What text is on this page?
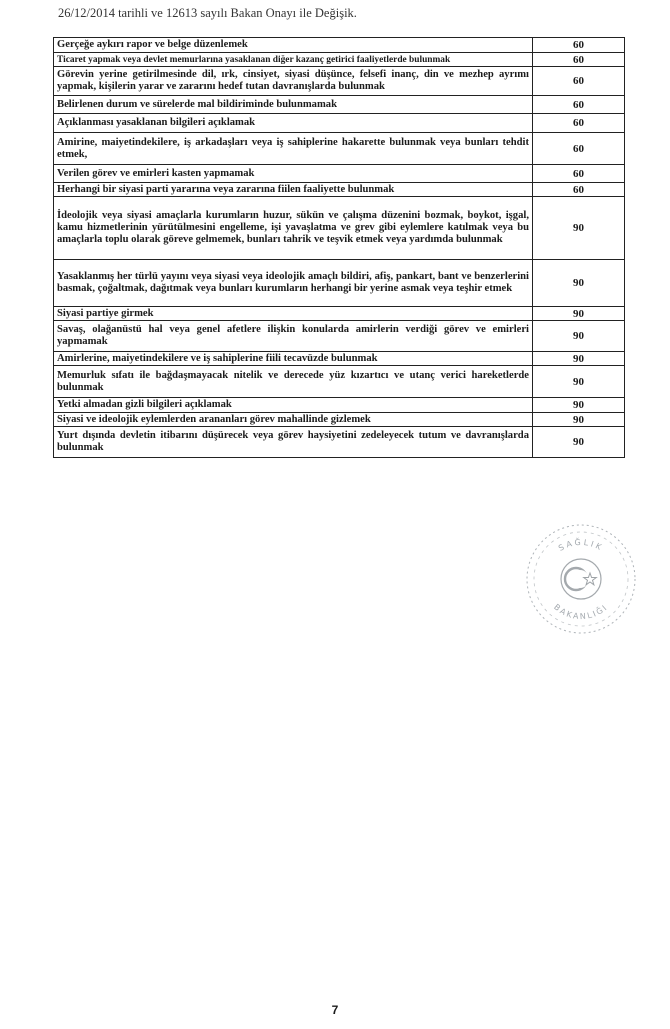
26/12/2014 tarihli ve 12613 sayılı Bakan Onayı ile Değişik.
Gerçeğe aykırı rapor ve belge düzenlemek	60
Ticaret yapmak veya devlet memurlarına yasaklanan diğer kazanç getirici faaliyetlerde bulunmak	60
Görevin yerine getirilmesinde dil, ırk, cinsiyet, siyasi düşünce, felsefi inanç, din ve mezhep ayrımı yapmak, kişilerin yarar ve zararını hedef tutan davranışlarda bulunmak	60
Belirlenen durum ve sürelerde mal bildiriminde bulunmamak	60
Açıklanması yasaklanan bilgileri açıklamak	60
Amirine, maiyetindekilere, iş arkadaşları veya iş sahiplerine hakarette bulunmak veya bunları tehdit etmek,	60
Verilen görev ve emirleri kasten yapmamak	60
Herhangi bir siyasi parti yararına veya zararına fiilen faaliyette bulunmak	60
İdeolojik veya siyasi amaçlarla kurumların huzur, sükün ve çalışma düzenini bozmak, boykot, işgal, kamu hizmetlerinin yürütülmesini engelleme, işi yavaşlatma ve grev gibi eylemlere katılmak veya bu amaçlarla toplu olarak göreve gelmemek, bunları tahrik ve teşvik etmek veya yardımda bulunmak	90
Yasaklanmış her türlü yayını veya siyasi veya ideolojik amaçlı bildiri, afiş, pankart, bant ve benzerlerini basmak, çoğaltmak, dağıtmak veya bunları kurumların herhangi bir yerine asmak veya teşhir etmek	90
Siyasi partiye girmek	90
Savaş, olağanüstü hal veya genel afetlere ilişkin konularda amirlerin verdiği görev ve emirleri yapmamak	90
Amirlerine, maiyetindekilere ve iş sahiplerine fiili tecavüzde bulunmak	90
Memurluk sıfatı ile bağdaşmayacak nitelik ve derecede yüz kızartıcı ve utanç verici hareketlerde bulunmak	90
Yetki almadan gizli bilgileri açıklamak	90
Siyasi ve ideolojik eylemlerden arananları görev mahallinde gizlemek	90
Yurt dışında devletin itibarını düşürecek veya görev haysiyetini zedeleyecek tutum ve davranışlarda bulunmak	90
SAĞLIK
BAKANLIĞI
7
